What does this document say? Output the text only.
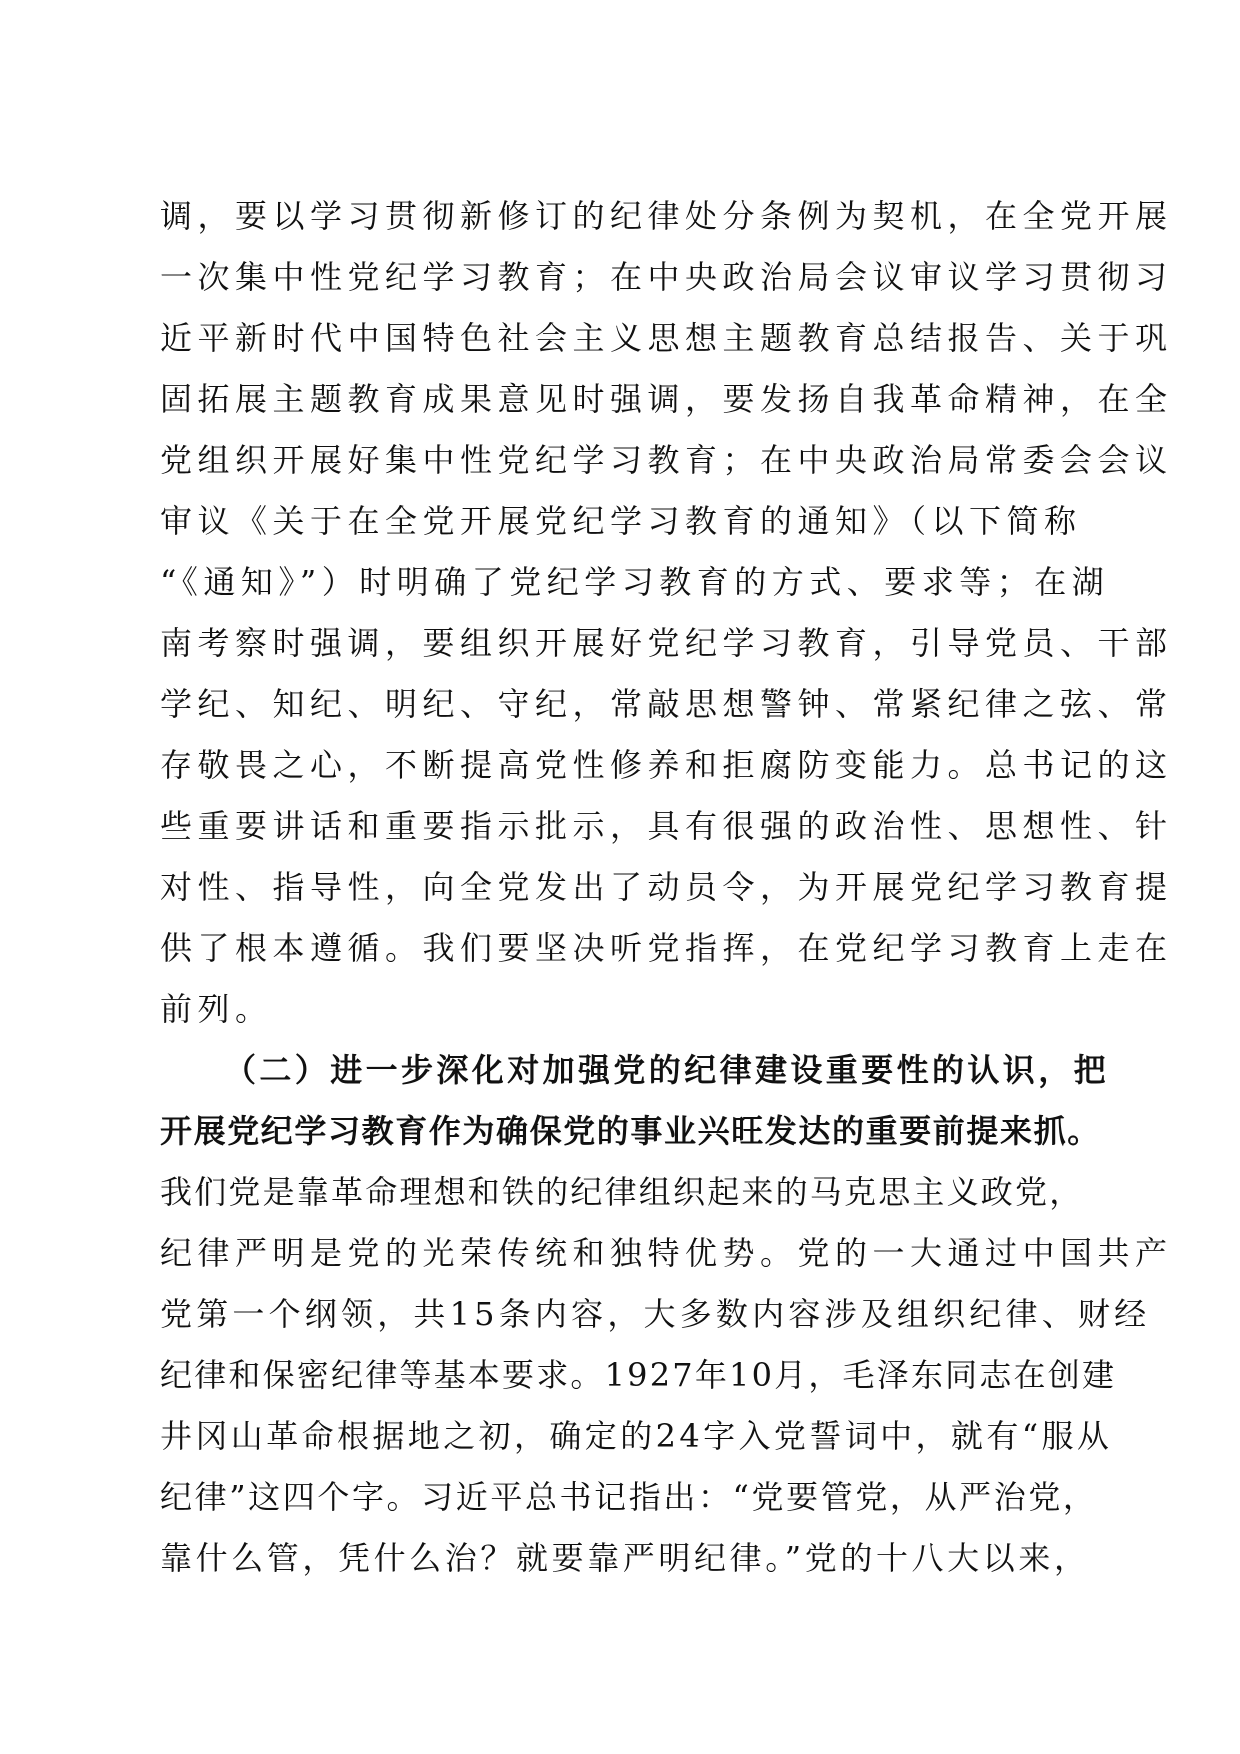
调，要以学习贯彻新修订的纪律处分条例为契机，在全党开展
一次集中性党纪学习教育；在中央政治局会议审议学习贯彻习
近平新时代中国特色社会主义思想主题教育总结报告、关于巩
固拓展主题教育成果意见时强调，要发扬自我革命精神，在全
党组织开展好集中性党纪学习教育；在中央政治局常委会会议
审议《关于在全党开展党纪学习教育的通知》（以下简称
“《通知》”）时明确了党纪学习教育的方式、要求等；在湖
南考察时强调，要组织开展好党纪学习教育，引导党员、干部
学纪、知纪、明纪、守纪，常敲思想警钟、常紧纪律之弦、常
存敬畏之心，不断提高党性修养和拒腐防变能力。总书记的这
些重要讲话和重要指示批示，具有很强的政治性、思想性、针
对性、指导性，向全党发出了动员令，为开展党纪学习教育提
供了根本遵循。我们要坚决听党指挥，在党纪学习教育上走在
前列。
（二）进一步深化对加强党的纪律建设重要性的认识，把
开展党纪学习教育作为确保党的事业兴旺发达的重要前提来抓。
我们党是靠革命理想和铁的纪律组织起来的马克思主义政党，
纪律严明是党的光荣传统和独特优势。党的一大通过中国共产
党第一个纲领，共15条内容，大多数内容涉及组织纪律、财经
纪律和保密纪律等基本要求。1927年10月，毛泽东同志在创建
井冈山革命根据地之初，确定的24字入党誓词中，就有“服从
纪律”这四个字。习近平总书记指出：“党要管党，从严治党，
靠什么管，凭什么治？就要靠严明纪律。”党的十八大以来，
